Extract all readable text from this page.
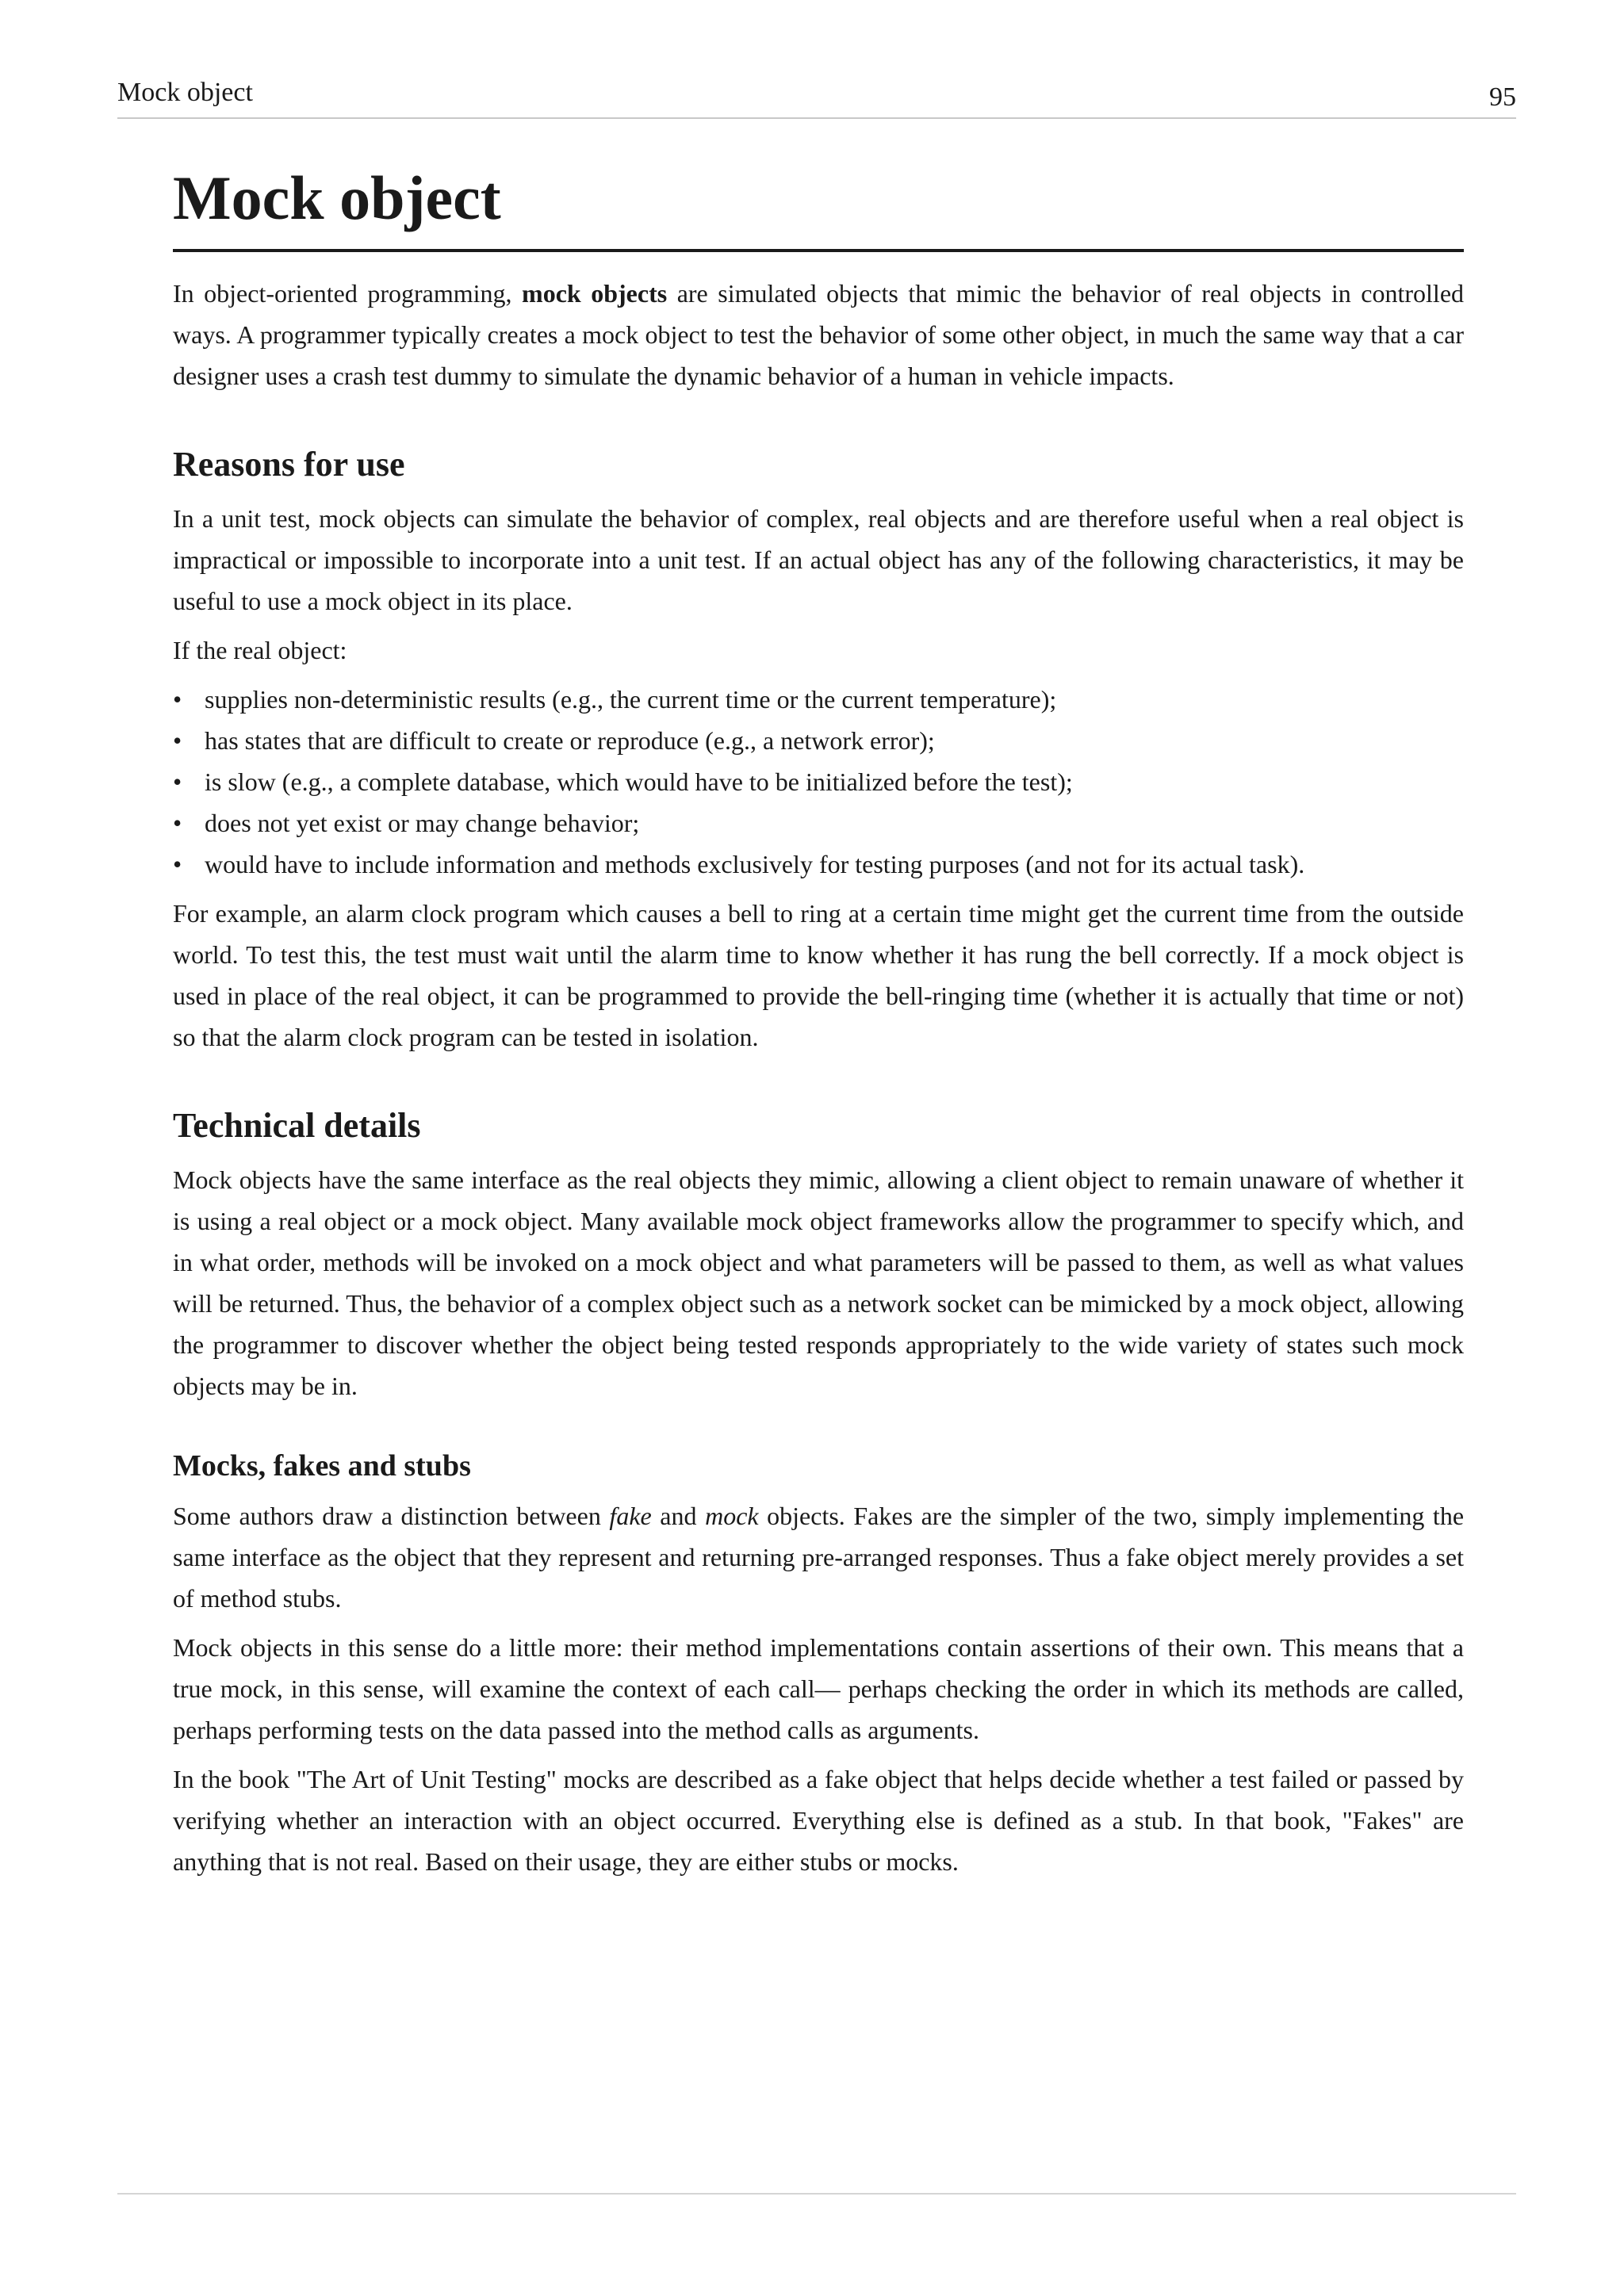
Mock object	95
Mock object

In object-oriented programming, mock objects are simulated objects that mimic the behavior of real objects in controlled ways. A programmer typically creates a mock object to test the behavior of some other object, in much the same way that a car designer uses a crash test dummy to simulate the dynamic behavior of a human in vehicle impacts.

Reasons for use

In a unit test, mock objects can simulate the behavior of complex, real objects and are therefore useful when a real object is impractical or impossible to incorporate into a unit test. If an actual object has any of the following characteristics, it may be useful to use a mock object in its place.

If the real object:

• supplies non-deterministic results (e.g., the current time or the current temperature);
• has states that are difficult to create or reproduce (e.g., a network error);
• is slow (e.g., a complete database, which would have to be initialized before the test);
• does not yet exist or may change behavior;
• would have to include information and methods exclusively for testing purposes (and not for its actual task).

For example, an alarm clock program which causes a bell to ring at a certain time might get the current time from the outside world. To test this, the test must wait until the alarm time to know whether it has rung the bell correctly. If a mock object is used in place of the real object, it can be programmed to provide the bell-ringing time (whether it is actually that time or not) so that the alarm clock program can be tested in isolation.

Technical details

Mock objects have the same interface as the real objects they mimic, allowing a client object to remain unaware of whether it is using a real object or a mock object. Many available mock object frameworks allow the programmer to specify which, and in what order, methods will be invoked on a mock object and what parameters will be passed to them, as well as what values will be returned. Thus, the behavior of a complex object such as a network socket can be mimicked by a mock object, allowing the programmer to discover whether the object being tested responds appropriately to the wide variety of states such mock objects may be in.

Mocks, fakes and stubs

Some authors draw a distinction between fake and mock objects. Fakes are the simpler of the two, simply implementing the same interface as the object that they represent and returning pre-arranged responses. Thus a fake object merely provides a set of method stubs.

Mock objects in this sense do a little more: their method implementations contain assertions of their own. This means that a true mock, in this sense, will examine the context of each call— perhaps checking the order in which its methods are called, perhaps performing tests on the data passed into the method calls as arguments.

In the book "The Art of Unit Testing" mocks are described as a fake object that helps decide whether a test failed or passed by verifying whether an interaction with an object occurred. Everything else is defined as a stub. In that book, "Fakes" are anything that is not real. Based on their usage, they are either stubs or mocks.
